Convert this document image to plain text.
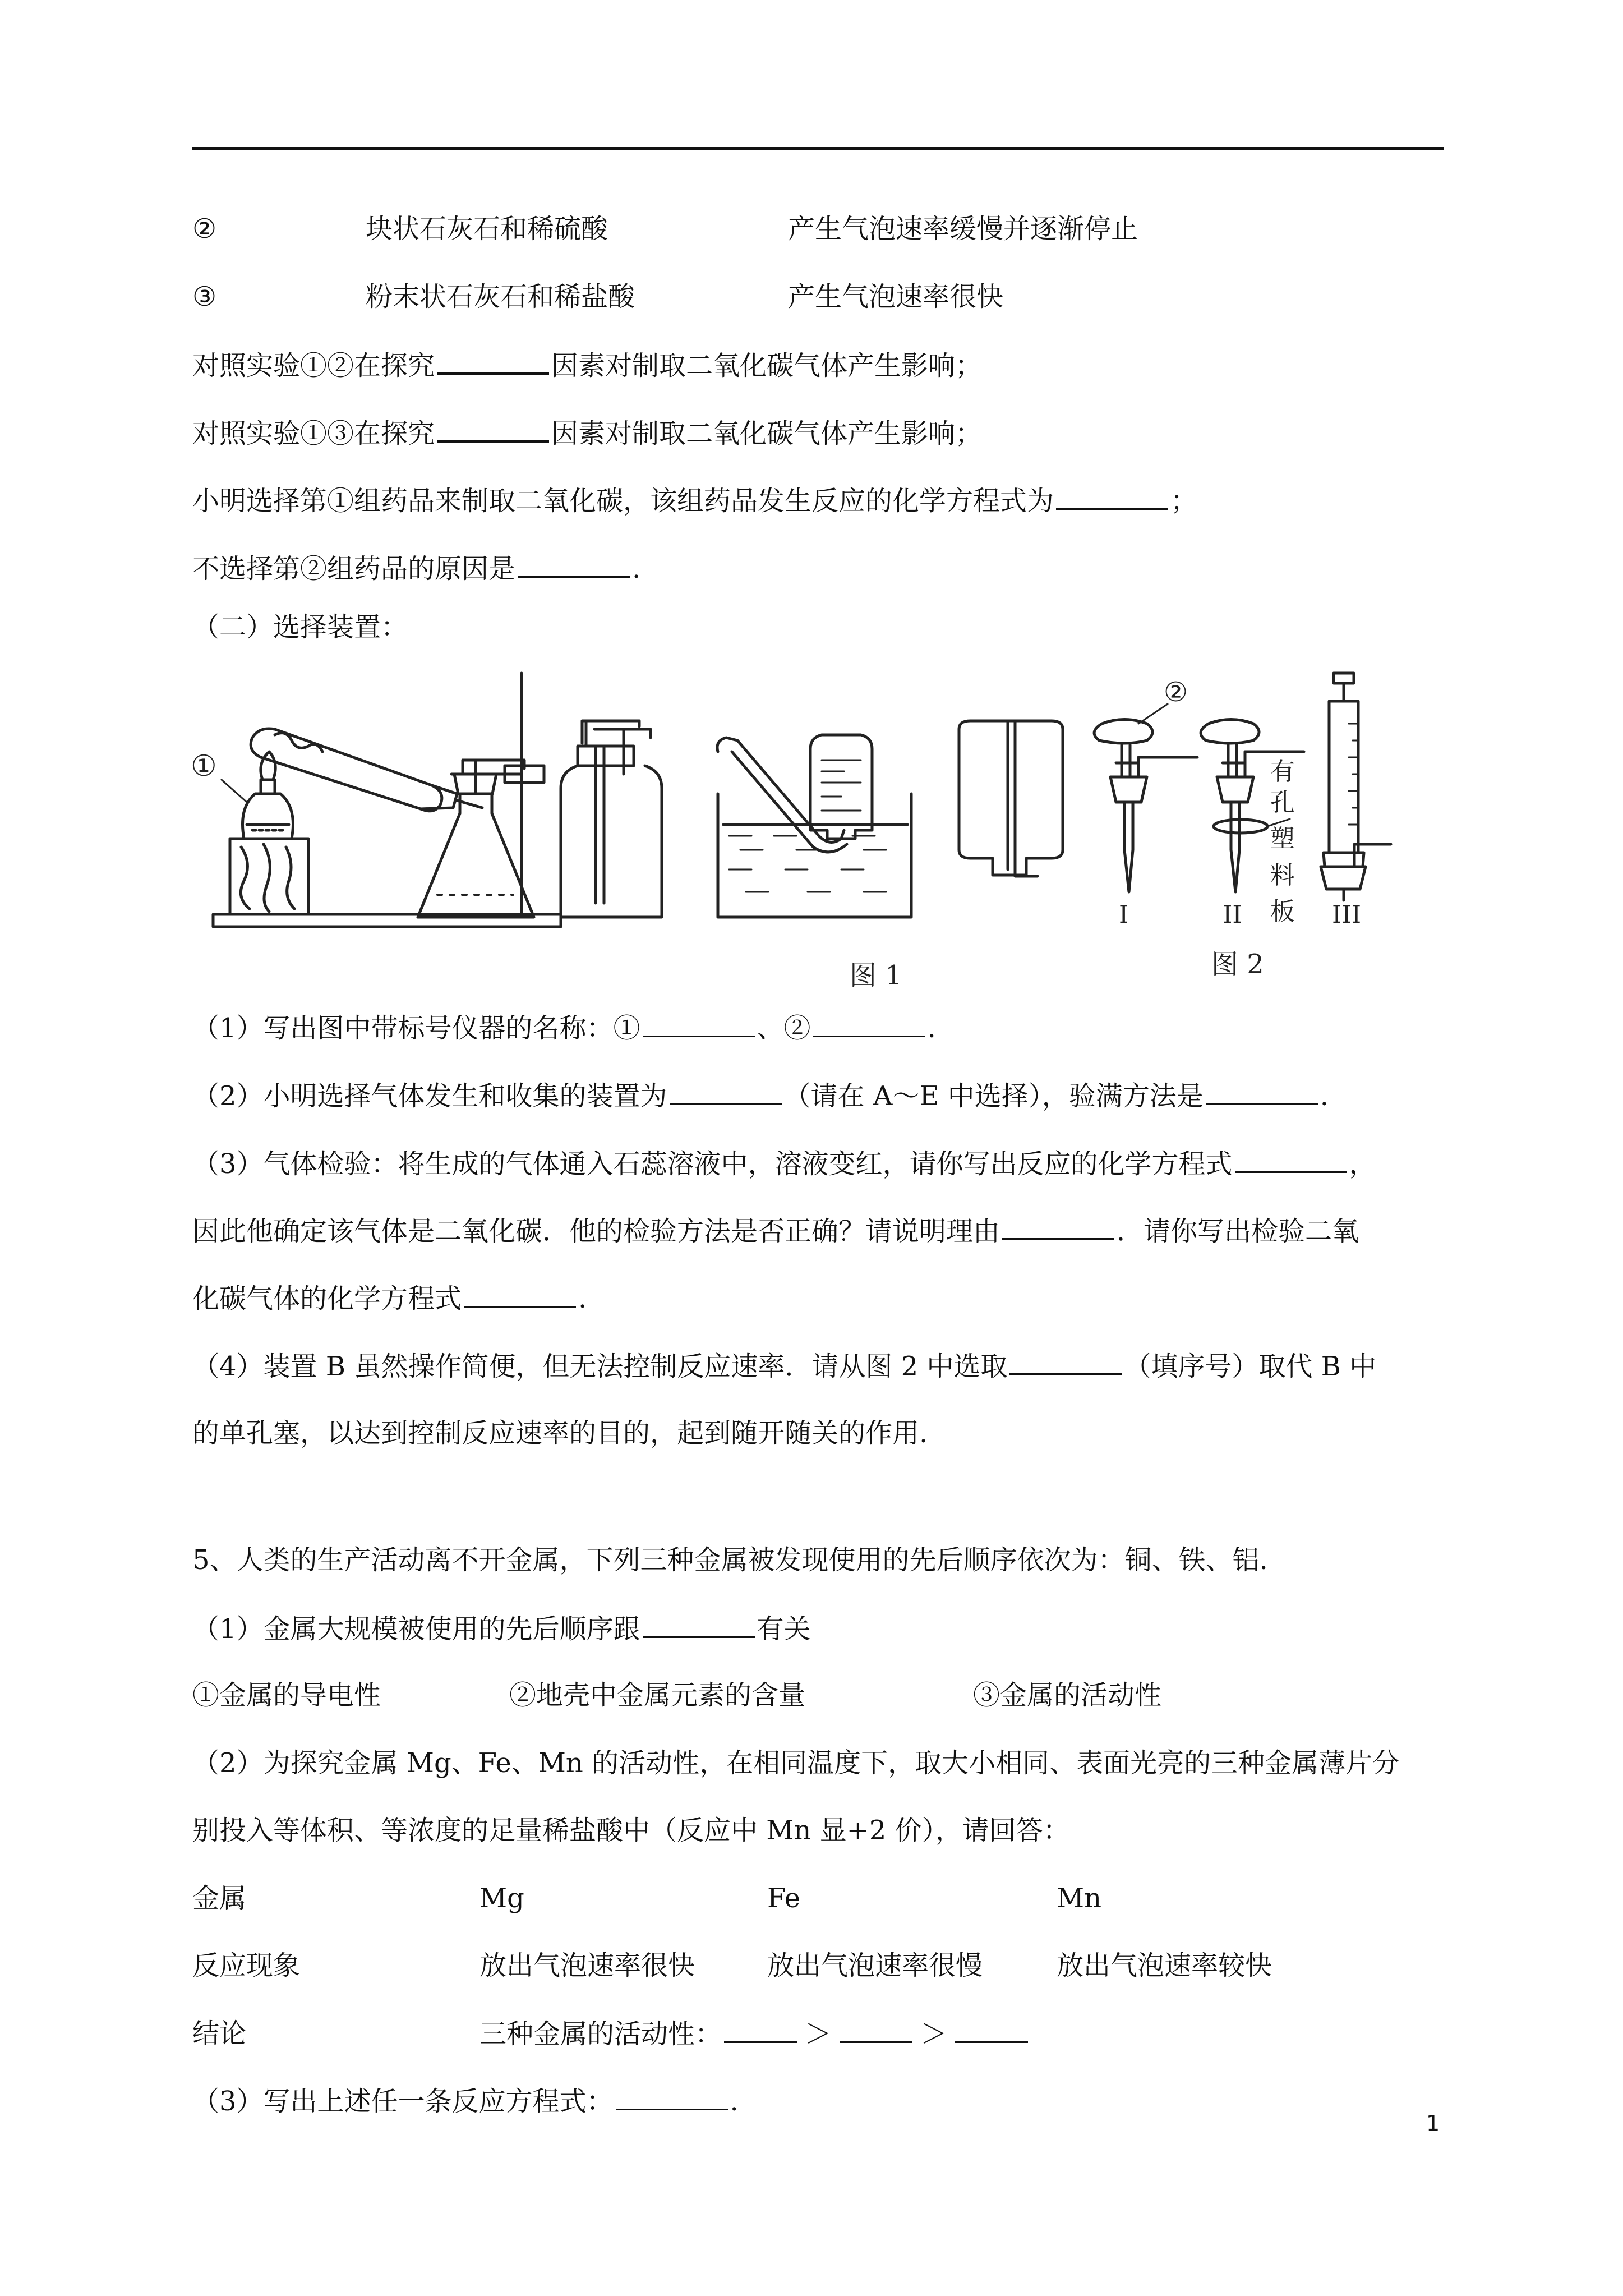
②	块状石灰石和稀硫酸	产生气泡速率缓慢并逐渐停止
③	粉末状石灰石和稀盐酸	产生气泡速率很快
对照实验①②在探究	因素对制取二氧化碳气体产生影响；
对照实验①③在探究	因素对制取二氧化碳气体产生影响；
小明选择第①组药品来制取二氧化碳，该组药品发生反应的化学方程式为	；
不选择第②组药品的原因是	.
（二）选择装置：
①
②
I	II	III
有
孔
塑
料
板
图 1	图 2
（1）写出图中带标号仪器的名称：①	、②	.
（2）小明选择气体发生和收集的装置为	（请在 A～E 中选择），验满方法是	.
（3）气体检验：将生成的气体通入石蕊溶液中，溶液变红，请你写出反应的化学方程式	，
因此他确定该气体是二氧化碳．他的检验方法是否正确？请说明理由	．请你写出检验二氧
化碳气体的化学方程式	.
（4）装置 B 虽然操作简便，但无法控制反应速率．请从图 2 中选取	（填序号）取代 B 中
的单孔塞，以达到控制反应速率的目的，起到随开随关的作用.
5、人类的生产活动离不开金属，下列三种金属被发现使用的先后顺序依次为：铜、铁、铝.
（1）金属大规模被使用的先后顺序跟	有关
①金属的导电性	②地壳中金属元素的含量	③金属的活动性
（2）为探究金属 Mg、Fe、Mn 的活动性，在相同温度下，取大小相同、表面光亮的三种金属薄片分
别投入等体积、等浓度的足量稀盐酸中（反应中 Mn 显+2 价），请回答：
金属	Mg	Fe	Mn
反应现象	放出气泡速率很快	放出气泡速率很慢	放出气泡速率较快
结论	三种金属的活动性：	＞	＞
（3）写出上述任一条反应方程式：	.
1
